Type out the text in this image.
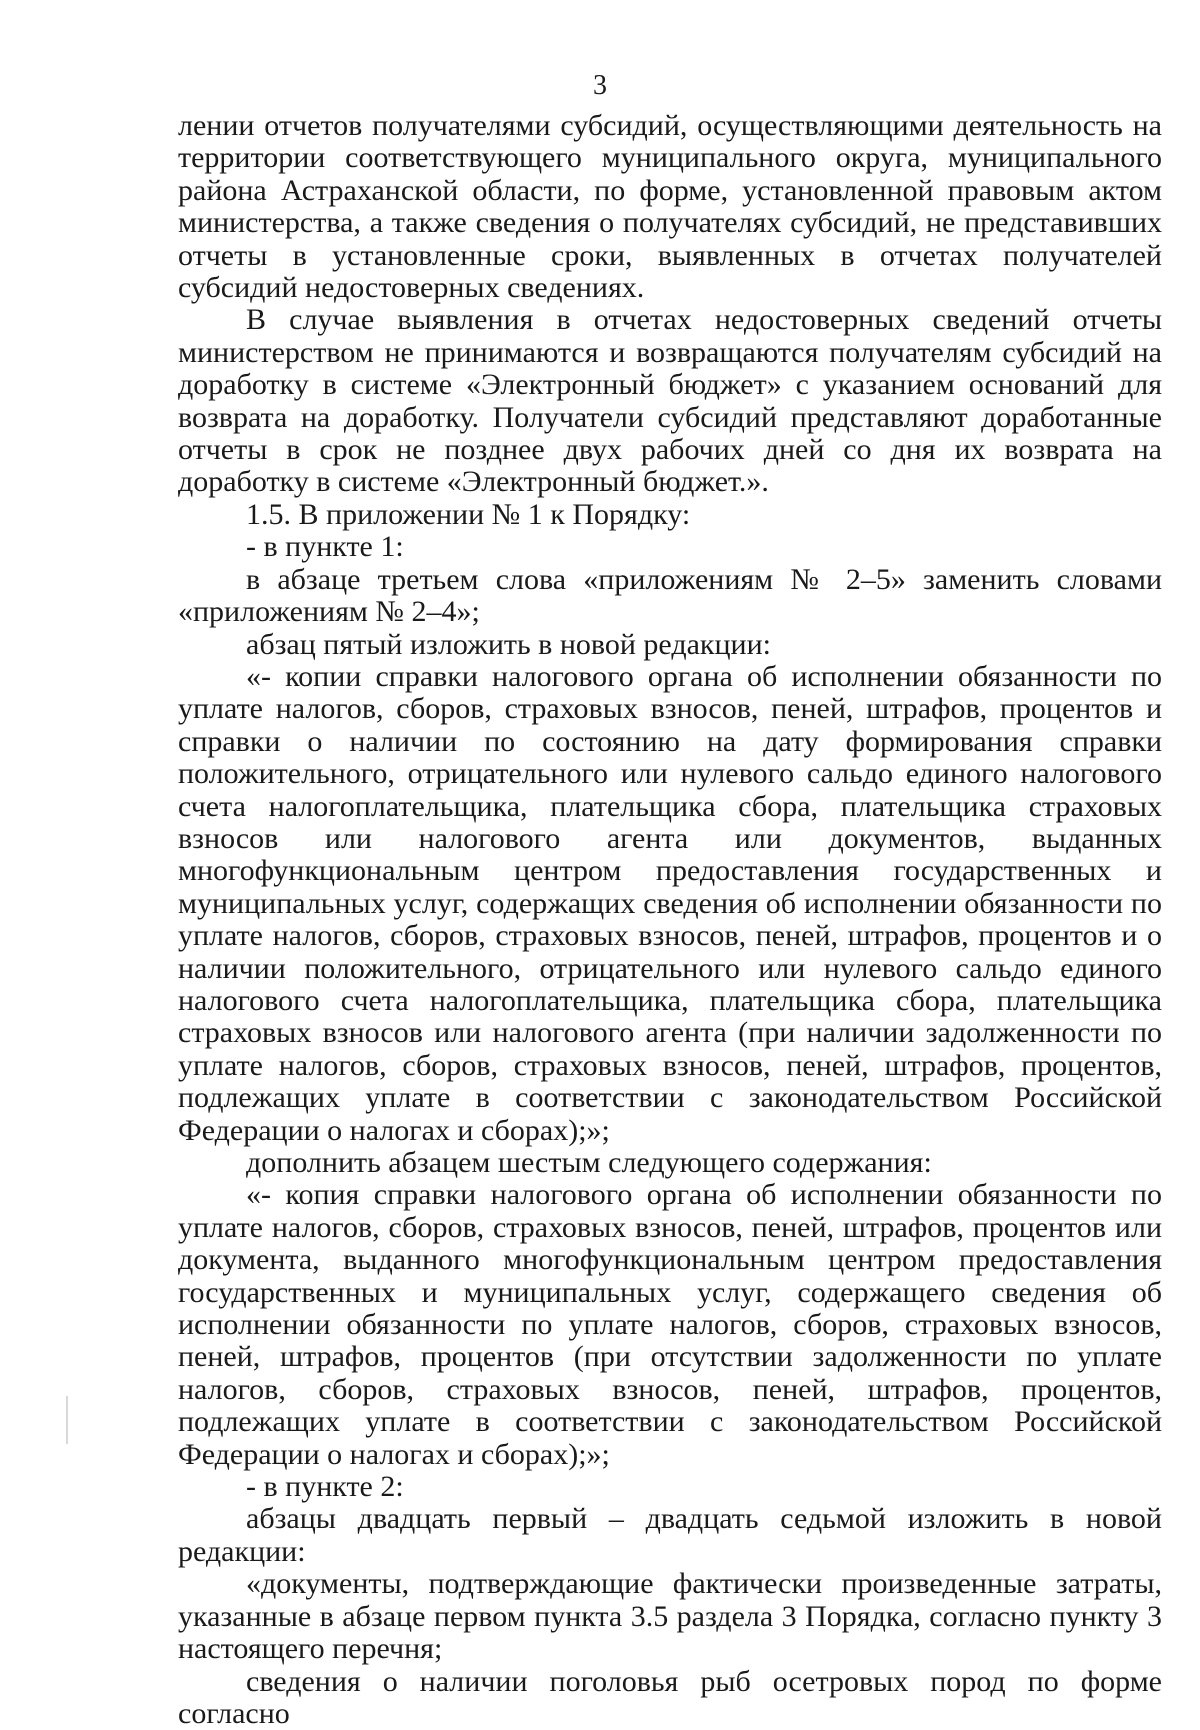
3

лении отчетов получателями субсидий, осуществляющими деятельность на территории соответствующего муниципального округа, муниципального района Астраханской области, по форме, установленной правовым актом министерства, а также сведения о получателях субсидий, не представивших отчеты в установленные сроки, выявленных в отчетах получателей субсидий недостоверных сведениях.

В случае выявления в отчетах недостоверных сведений отчеты министерством не принимаются и возвращаются получателям субсидий на доработку в системе «Электронный бюджет» с указанием оснований для возврата на доработку. Получатели субсидий представляют доработанные отчеты в срок не позднее двух рабочих дней со дня их возврата на доработку в системе «Электронный бюджет.».

1.5. В приложении № 1 к Порядку:

- в пункте 1:

в абзаце третьем слова «приложениям № 2–5» заменить словами «приложениям № 2–4»;

абзац пятый изложить в новой редакции:

«- копии справки налогового органа об исполнении обязанности по уплате налогов, сборов, страховых взносов, пеней, штрафов, процентов и справки о наличии по состоянию на дату формирования справки положительного, отрицательного или нулевого сальдо единого налогового счета налогоплательщика, плательщика сбора, плательщика страховых взносов или налогового агента или документов, выданных многофункциональным центром предоставления государственных и муниципальных услуг, содержащих сведения об исполнении обязанности по уплате налогов, сборов, страховых взносов, пеней, штрафов, процентов и о наличии положительного, отрицательного или нулевого сальдо единого налогового счета налогоплательщика, плательщика сбора, плательщика страховых взносов или налогового агента (при наличии задолженности по уплате налогов, сборов, страховых взносов, пеней, штрафов, процентов, подлежащих уплате в соответствии с законодательством Российской Федерации о налогах и сборах);»;

дополнить абзацем шестым следующего содержания:

«- копия справки налогового органа об исполнении обязанности по уплате налогов, сборов, страховых взносов, пеней, штрафов, процентов или документа, выданного многофункциональным центром предоставления государственных и муниципальных услуг, содержащего сведения об исполнении обязанности по уплате налогов, сборов, страховых взносов, пеней, штрафов, процентов (при отсутствии задолженности по уплате налогов, сборов, страховых взносов, пеней, штрафов, процентов, подлежащих уплате в соответствии с законодательством Российской Федерации о налогах и сборах);»;

- в пункте 2:

абзацы двадцать первый – двадцать седьмой изложить в новой редакции:

«документы, подтверждающие фактически произведенные затраты, указанные в абзаце первом пункта 3.5 раздела 3 Порядка, согласно пункту 3 настоящего перечня;

сведения о наличии поголовья рыб осетровых пород по форме согласно
